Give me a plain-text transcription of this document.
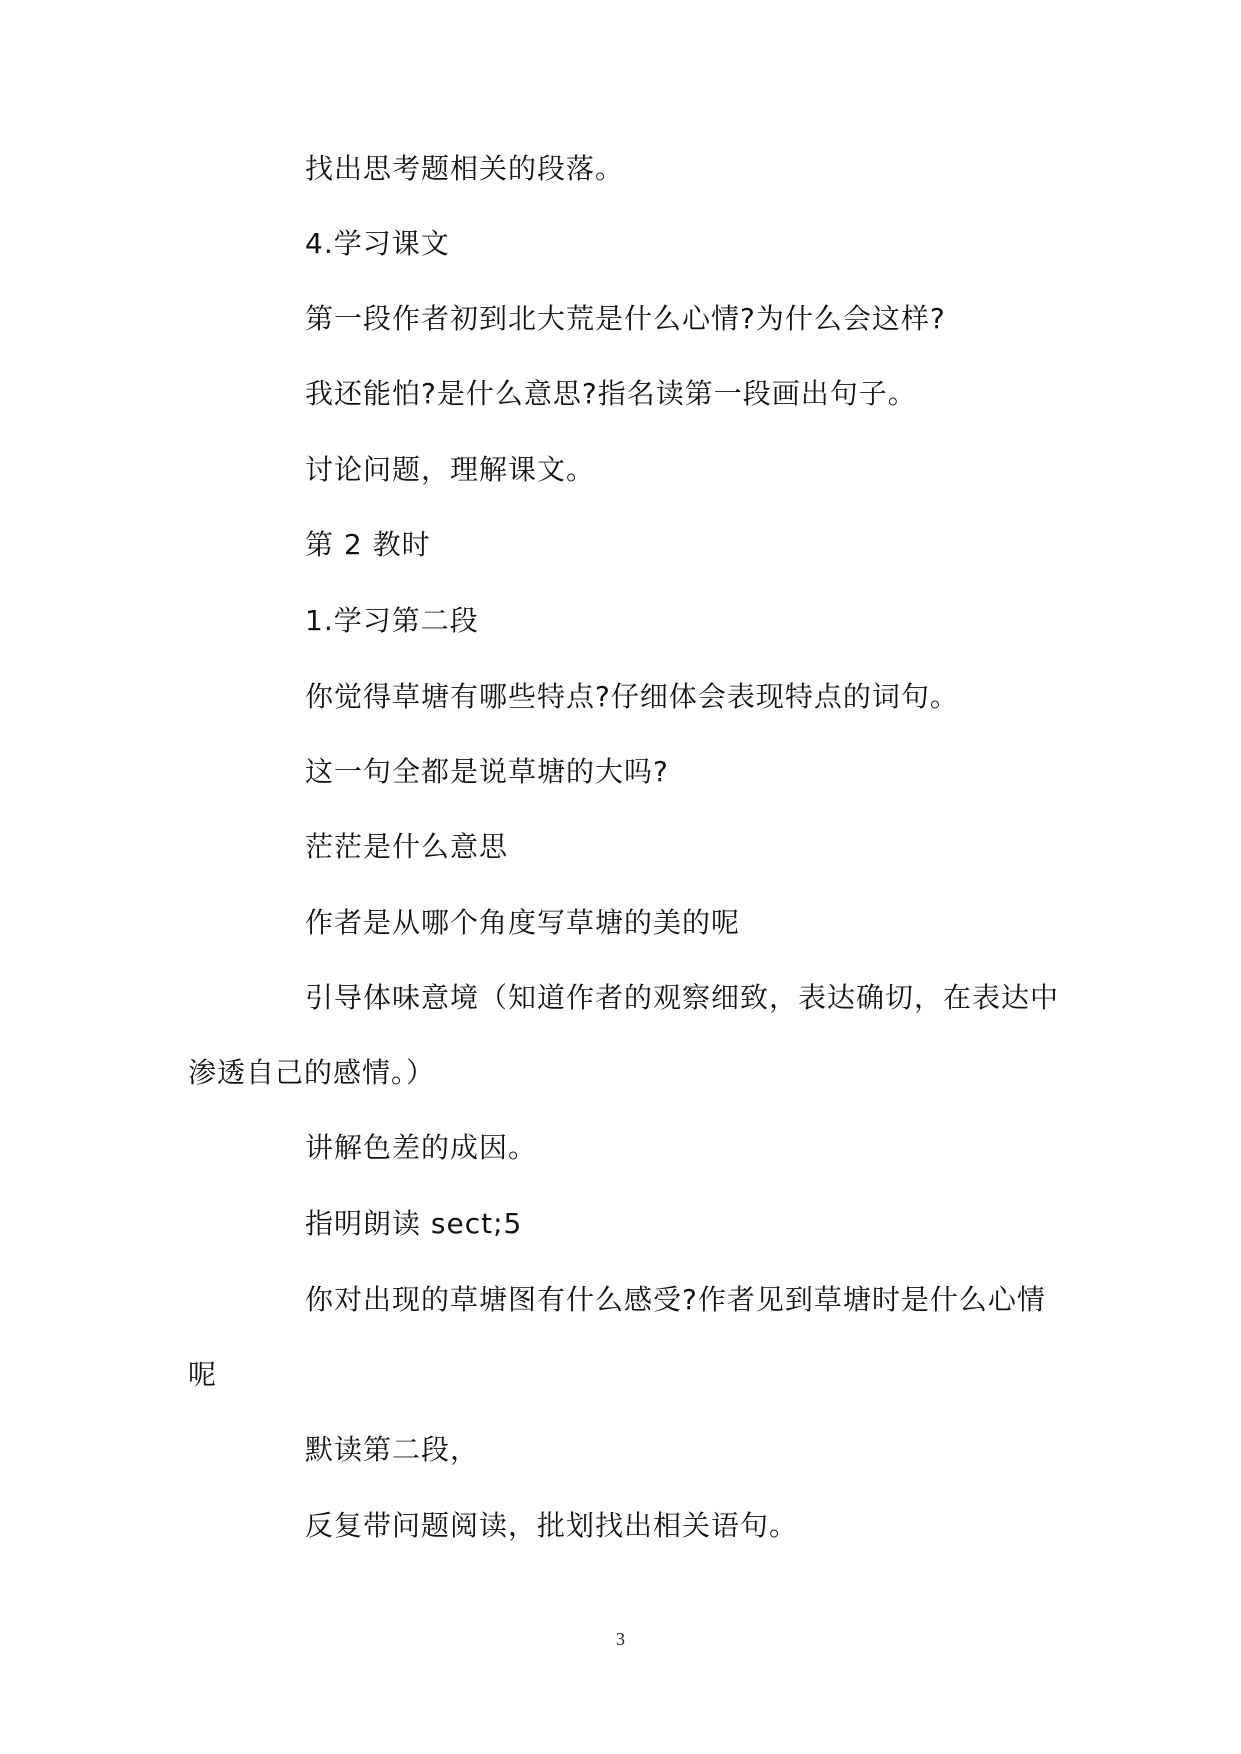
找出思考题相关的段落。
4.学习课文
第一段作者初到北大荒是什么心情?为什么会这样?
我还能怕?是什么意思?指名读第一段画出句子。
讨论问题，理解课文。
第 2 教时
1.学习第二段
你觉得草塘有哪些特点?仔细体会表现特点的词句。
这一句全都是说草塘的大吗?
茫茫是什么意思
作者是从哪个角度写草塘的美的呢
引导体味意境（知道作者的观察细致，表达确切，在表达中
渗透自己的感情。）
讲解色差的成因。
指明朗读 sect;5
你对出现的草塘图有什么感受?作者见到草塘时是什么心情
呢
默读第二段，
反复带问题阅读，批划找出相关语句。
3
